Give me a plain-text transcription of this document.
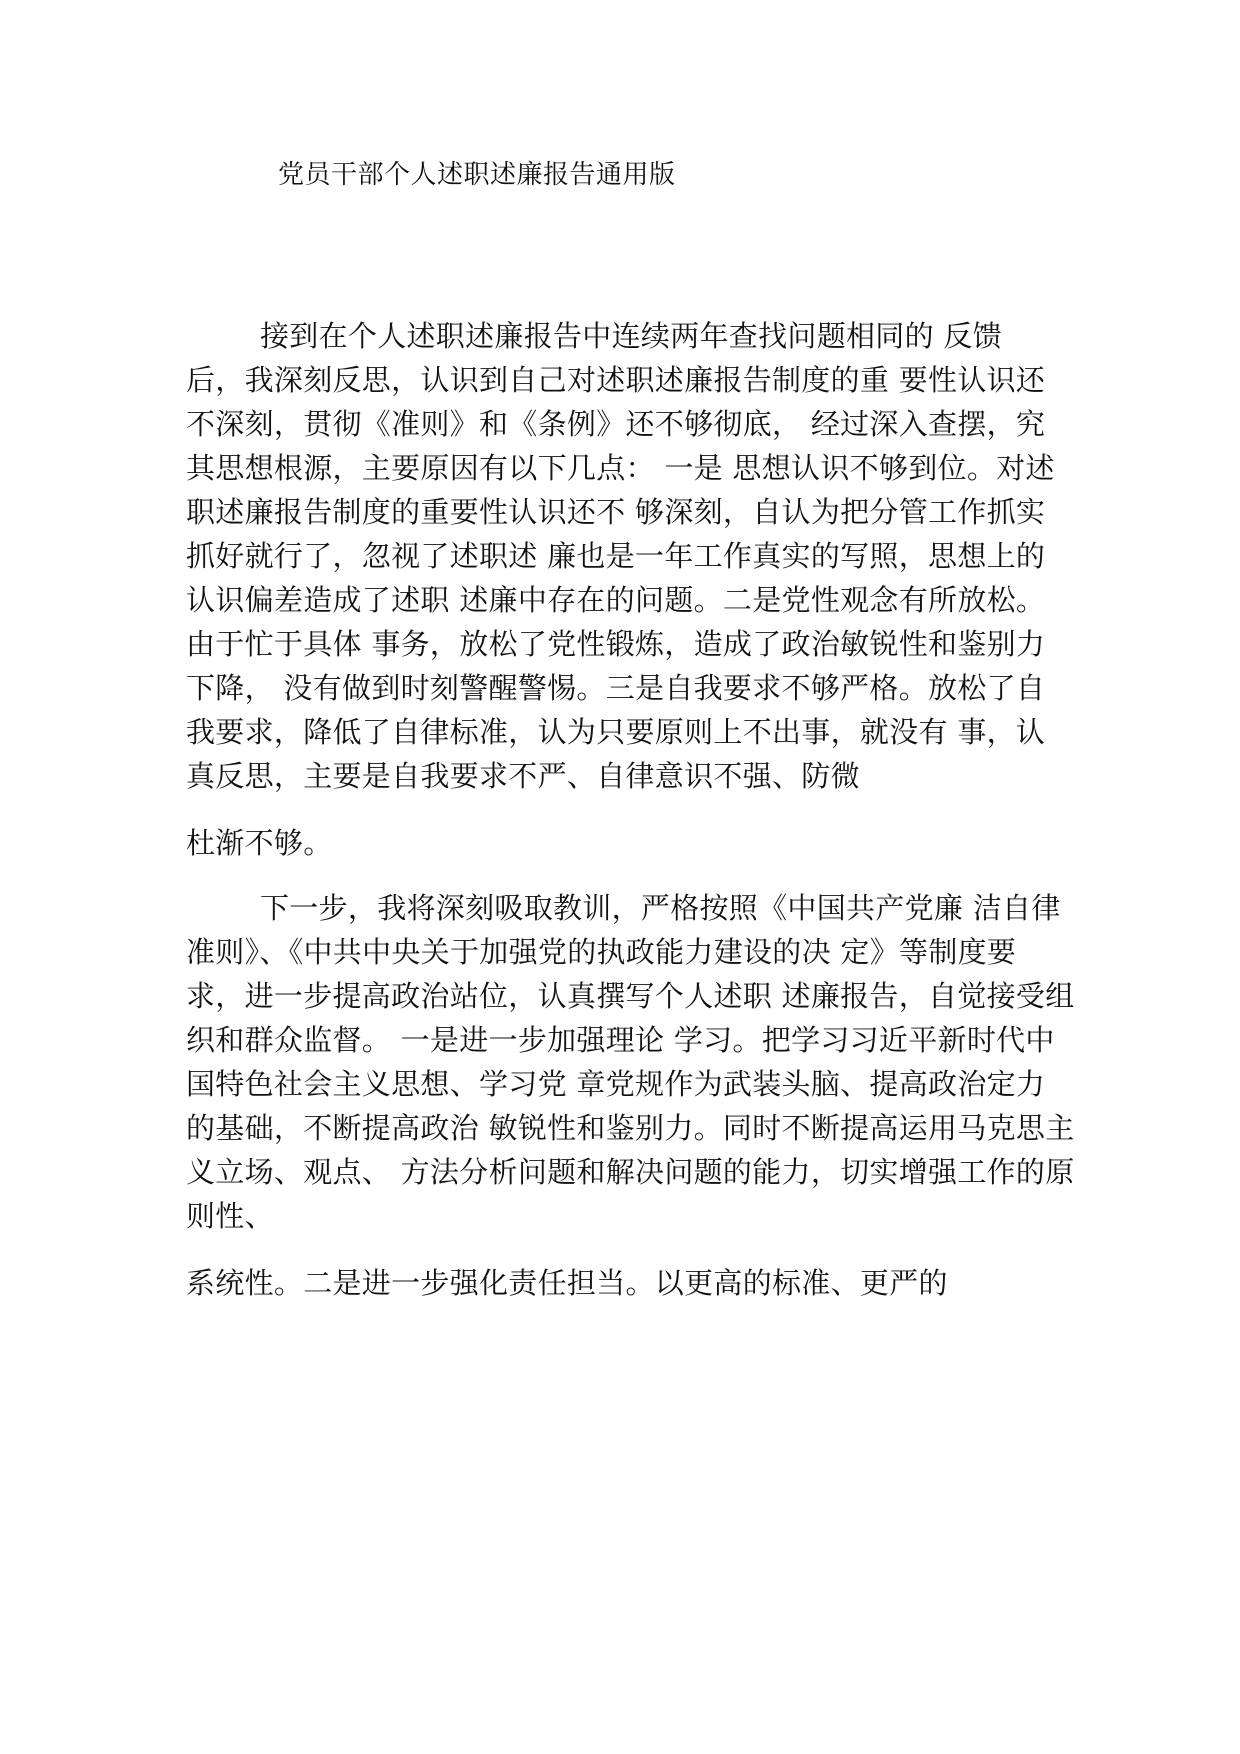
党员干部个人述职述廉报告通用版

接到在个人述职述廉报告中连续两年查找问题相同的 反馈

后，我深刻反思，认识到自己对述职述廉报告制度的重 要性认识还

不深刻，贯彻《准则》和《条例》还不够彻底， 经过深入查摆，究

其思想根源，主要原因有以下几点： 一是 思想认识不够到位。对述

职述廉报告制度的重要性认识还不 够深刻，自认为把分管工作抓实

抓好就行了，忽视了述职述 廉也是一年工作真实的写照，思想上的

认识偏差造成了述职 述廉中存在的问题。二是党性观念有所放松。

由于忙于具体 事务，放松了党性锻炼，造成了政治敏锐性和鉴别力

下降， 没有做到时刻警醒警惕。三是自我要求不够严格。放松了自

我要求，降低了自律标准，认为只要原则上不出事，就没有 事，认

真反思，主要是自我要求不严、自律意识不强、防微

杜渐不够。

下一步，我将深刻吸取教训，严格按照《中国共产党廉 洁自律

准则》、《中共中央关于加强党的执政能力建设的决 定》等制度要

求，进一步提高政治站位，认真撰写个人述职 述廉报告，自觉接受组

织和群众监督。 一是进一步加强理论 学习。把学习习近平新时代中

国特色社会主义思想、学习党 章党规作为武装头脑、提高政治定力

的基础，不断提高政治 敏锐性和鉴别力。同时不断提高运用马克思主

义立场、观点、 方法分析问题和解决问题的能力，切实增强工作的原

则性、

系统性。二是进一步强化责任担当。以更高的标准、更严的
